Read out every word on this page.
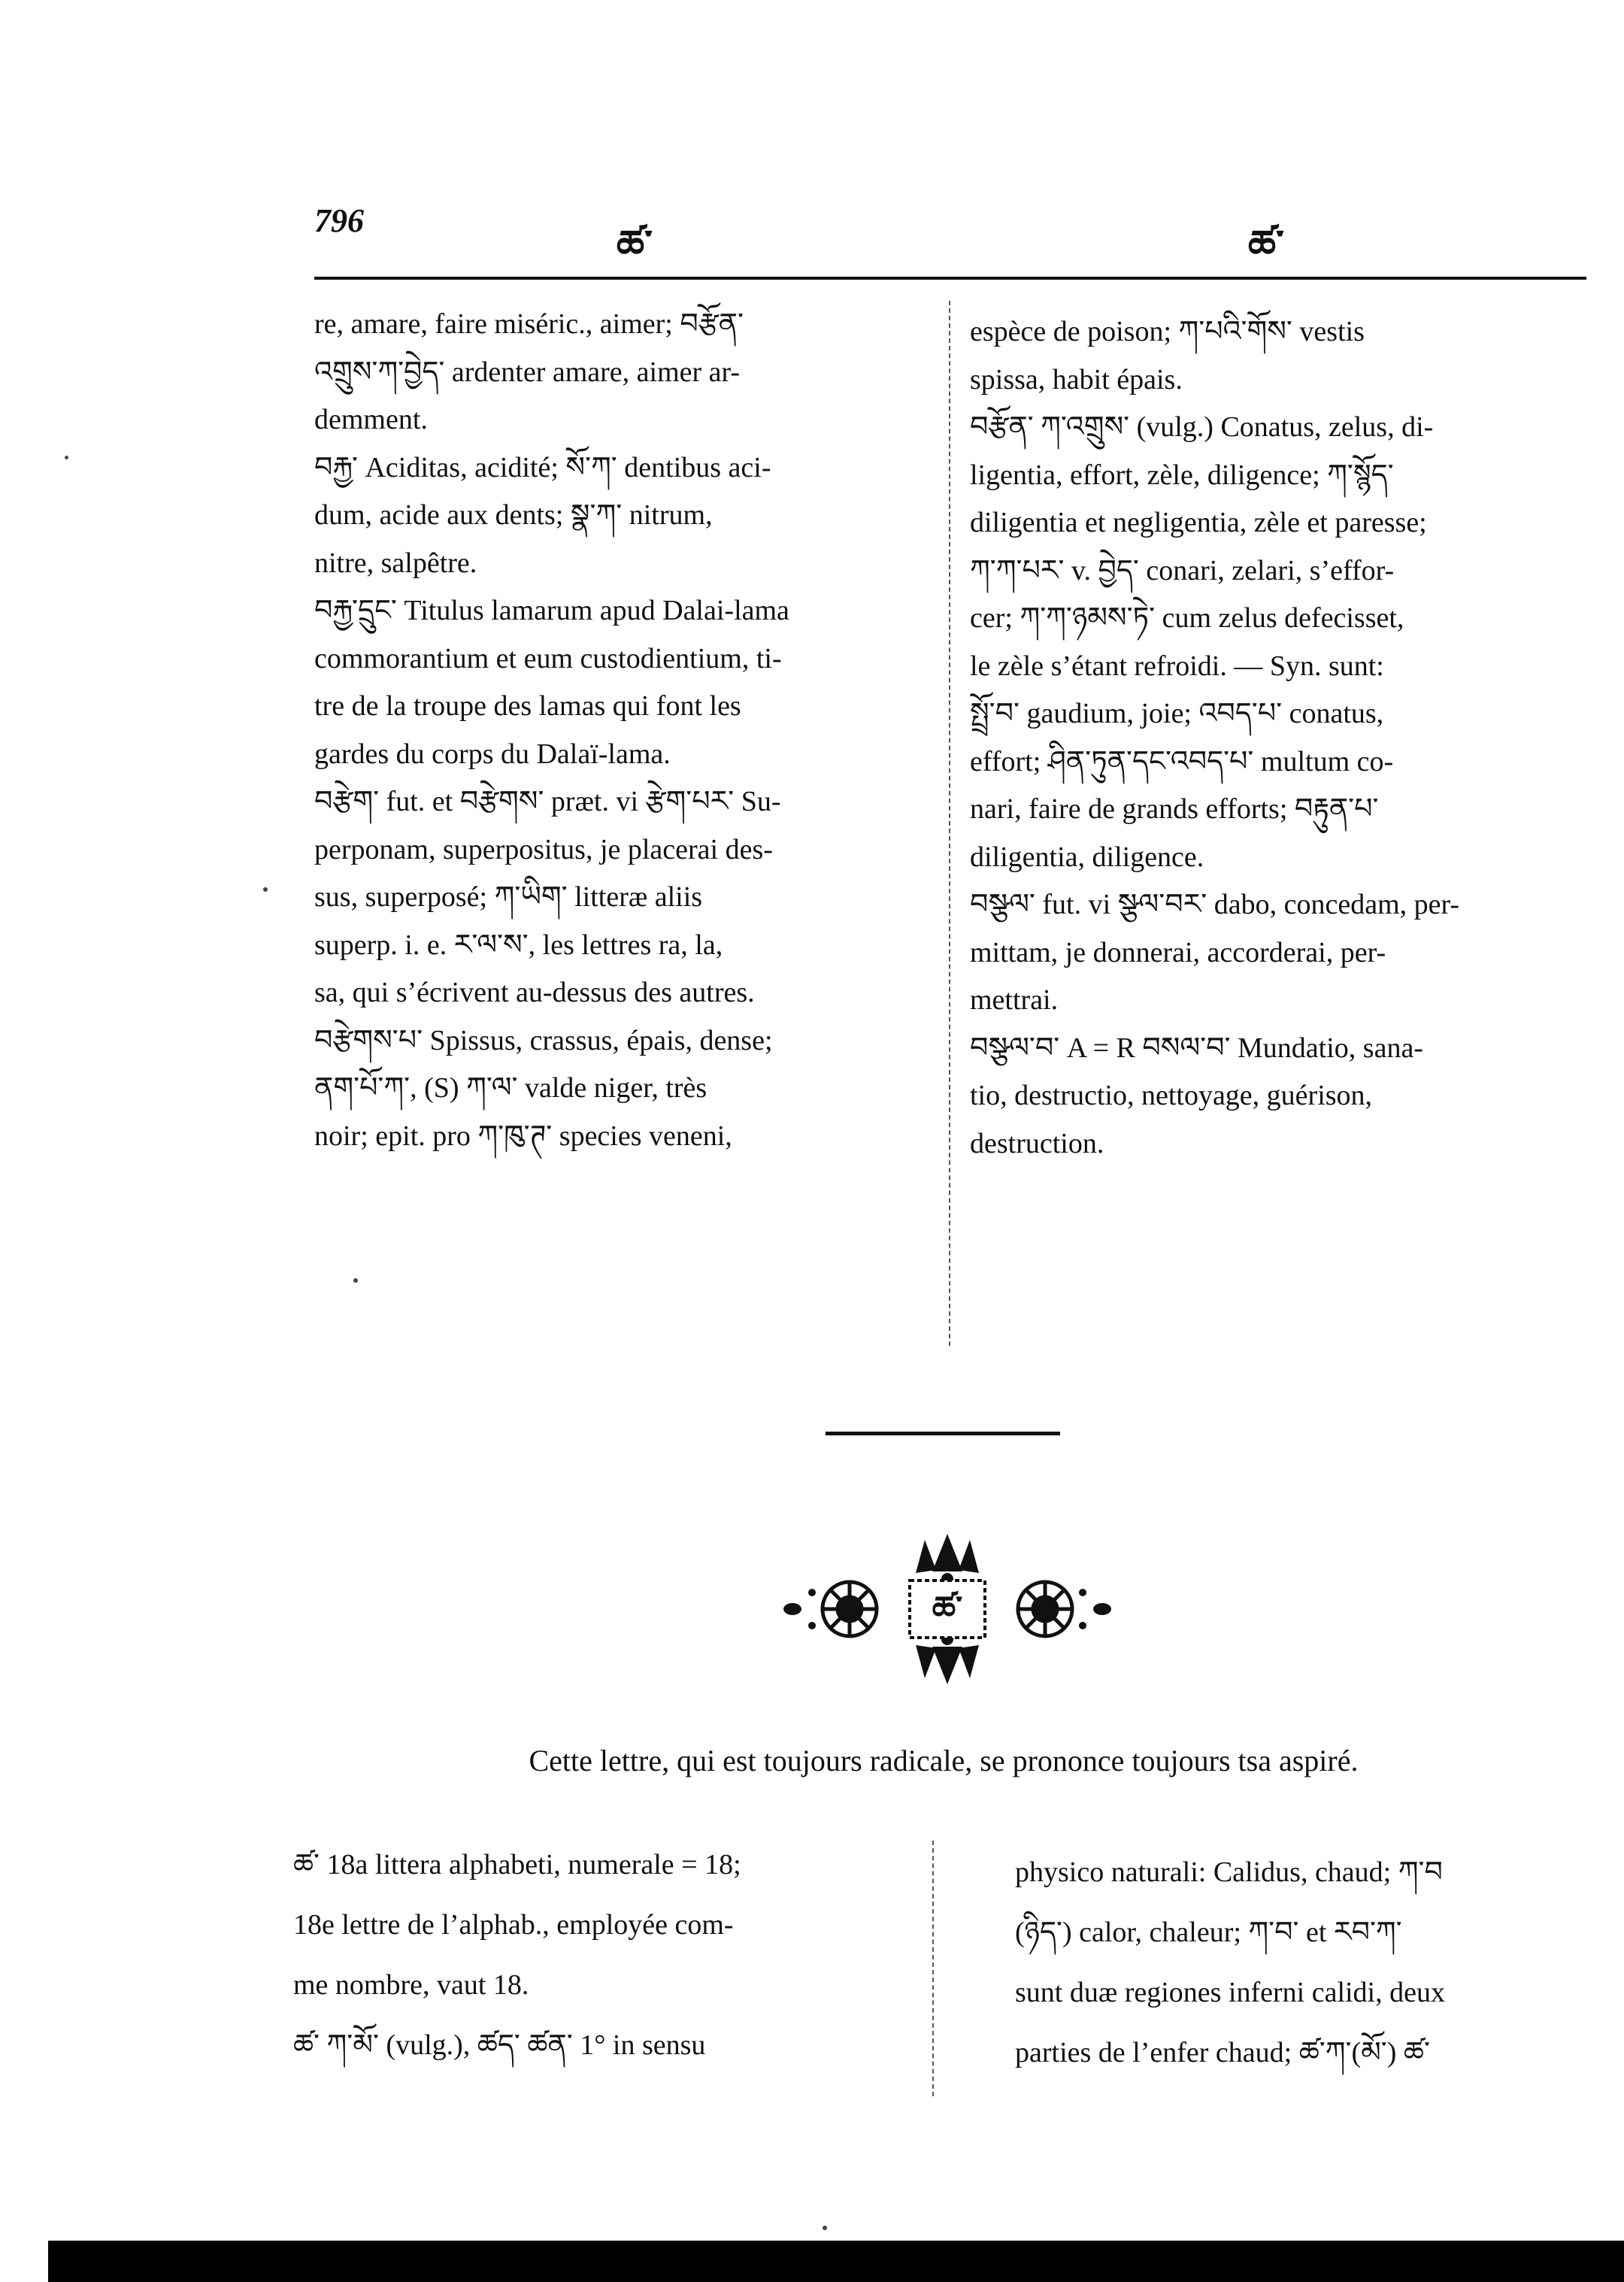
796
ཚ་	ཚ་
re, amare, faire miséric., aimer; བརྩོན་
འགྲུས་ཀ་བྱེད་ ardenter amare, aimer ar-
demment.
བརྐྱ་ Aciditas, acidité; སོ་ཀ་ dentibus aci-
dum, acide aux dents; སྣ་ཀ་ nitrum,
nitre, salpêtre.
བརྐྱ་དྲུང་ Titulus lamarum apud Dalai-lama
commorantium et eum custodientium, ti-
tre de la troupe des lamas qui font les
gardes du corps du Dalaï-lama.
བརྩེག་ fut. et བརྩེགས་ præt. vi རྩེག་པར་ Su-
perponam, superpositus, je placerai des-
sus, superposé; ཀ་ཡིག་ litteræ aliis
superp. i. e. ར་ལ་ས་, les lettres ra, la,
sa, qui s’écrivent au-dessus des autres.
བརྩེགས་པ་ Spissus, crassus, épais, dense;
ནག་པོ་ཀ་, (S) ཀ་ལ་ valde niger, très
noir; epit. pro ཀ་ཁུ་ཊ་ species veneni,
espèce de poison; ཀ་པའི་གོས་ vestis
spissa, habit épais.
བརྩོན་ ཀ་འགྲུས་ (vulg.) Conatus, zelus, di-
ligentia, effort, zèle, diligence; ཀ་སྙོད་
diligentia et negligentia, zèle et paresse;
ཀ་ཀ་པར་ v. བྱེད་ conari, zelari, s’effor-
cer; ཀ་ཀ་ཉམས་ཏེ་ cum zelus defecisset,
le zèle s’étant refroidi. — Syn. sunt:
སྤྲོ་བ་ gaudium, joie; འབད་པ་ conatus,
effort; ཤིན་ཏུན་དང་འབད་པ་ multum co-
nari, faire de grands efforts; བརྟུན་པ་
diligentia, diligence.
བསྩལ་ fut. vi སྩལ་བར་ dabo, concedam, per-
mittam, je donnerai, accorderai, per-
mettrai.
བསྩལ་བ་ A = R བསལ་བ་ Mundatio, sana-
tio, destructio, nettoyage, guérison,
destruction.
ཚ་
Cette lettre, qui est toujours radicale, se prononce toujours tsa aspiré.
ཚ་ 18a littera alphabeti, numerale = 18;
18e lettre de l’alphab., employée com-
me nombre, vaut 18.
ཚ་ ཀ་མོ་ (vulg.), ཚད་ ཚན་ 1° in sensu
physico naturali: Calidus, chaud; ཀ་བ
(ཉིད་) calor, chaleur; ཀ་བ་ et རབ་ཀ་
sunt duæ regiones inferni calidi, deux
parties de l’enfer chaud; ཚ་ཀ་(མོ་) ཚ་
